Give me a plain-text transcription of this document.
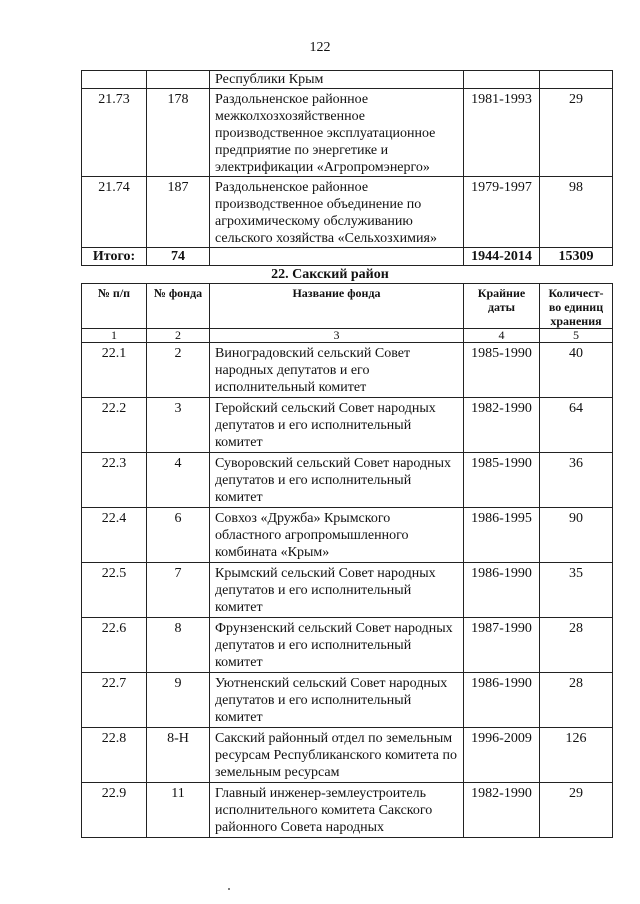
122
		Республики Крым		
21.73	178	Раздольненское районное межколхозхозяйственное производственное эксплуатационное предприятие по энергетике и электрификации «Агропромэнерго»	1981-1993	29
21.74	187	Раздольненское районное производственное объединение по агрохимическому обслуживанию сельского хозяйства «Сельхозхимия»	1979-1997	98
Итого:	74		1944-2014	15309
22. Сакский район
№ п/п	№ фонда	Название фонда	Крайние даты	Количест-во единиц хранения
1	2	3	4	5
22.1	2	Виноградовский сельский Совет народных депутатов и его исполнительный комитет	1985-1990	40
22.2	3	Геройский сельский Совет народных депутатов и его исполнительный комитет	1982-1990	64
22.3	4	Суворовский сельский Совет народных депутатов и его исполнительный комитет	1985-1990	36
22.4	6	Совхоз «Дружба» Крымского областного агропромышленного комбината «Крым»	1986-1995	90
22.5	7	Крымский сельский Совет народных депутатов и его исполнительный комитет	1986-1990	35
22.6	8	Фрунзенский сельский Совет народных депутатов и его исполнительный комитет	1987-1990	28
22.7	9	Уютненский сельский Совет народных депутатов и его исполнительный комитет	1986-1990	28
22.8	8-Н	Сакский районный отдел по земельным ресурсам Республиканского комитета по земельным ресурсам	1996-2009	126
22.9	11	Главный инженер-землеустроитель исполнительного комитета Сакского районного Совета народных	1982-1990	29
